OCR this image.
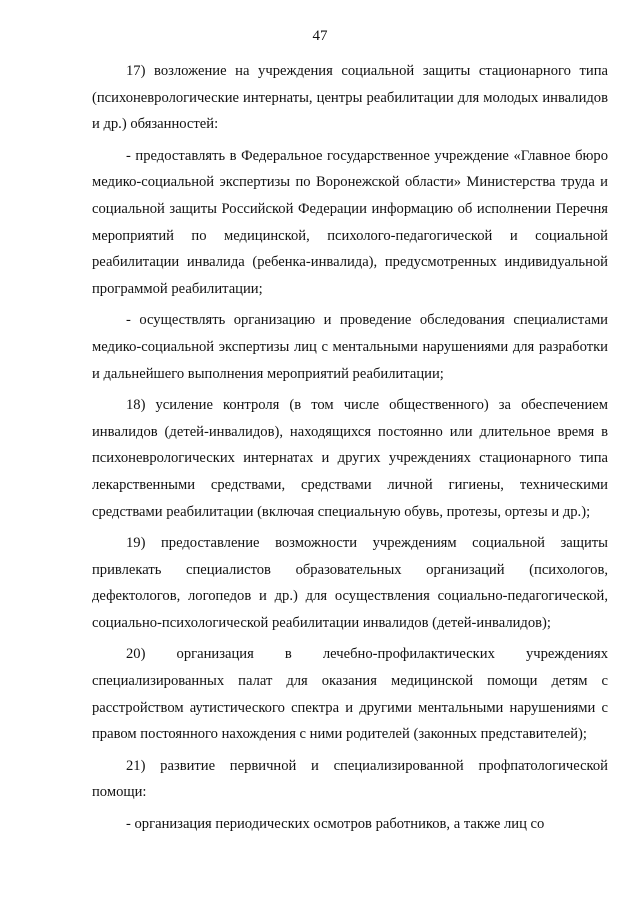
47

17) возложение на учреждения социальной защиты стационарного типа (психоневрологические интернаты, центры реабилитации для молодых инвалидов и др.) обязанностей:

- предоставлять в Федеральное государственное учреждение «Главное бюро медико-социальной экспертизы по Воронежской области» Министерства труда и социальной защиты Российской Федерации информацию об исполнении Перечня мероприятий по медицинской, психолого-педагогической и социальной реабилитации инвалида (ребенка-инвалида), предусмотренных индивидуальной программой реабилитации;

- осуществлять организацию и проведение обследования специалистами медико-социальной экспертизы лиц с ментальными нарушениями для разработки и дальнейшего выполнения мероприятий реабилитации;

18) усиление контроля (в том числе общественного) за обеспечением инвалидов (детей-инвалидов), находящихся постоянно или длительное время в психоневрологических интернатах и других учреждениях стационарного типа лекарственными средствами, средствами личной гигиены, техническими средствами реабилитации (включая специальную обувь, протезы, ортезы и др.);

19) предоставление возможности учреждениям социальной защиты привлекать специалистов образовательных организаций (психологов, дефектологов, логопедов и др.) для осуществления социально-педагогической, социально-психологической реабилитации инвалидов (детей-инвалидов);

20) организация в лечебно-профилактических учреждениях специализированных палат для оказания медицинской помощи детям с расстройством аутистического спектра и другими ментальными нарушениями с правом постоянного нахождения с ними родителей (законных представителей);

21) развитие первичной и специализированной профпатологической помощи:

- организация периодических осмотров работников, а также лиц со
